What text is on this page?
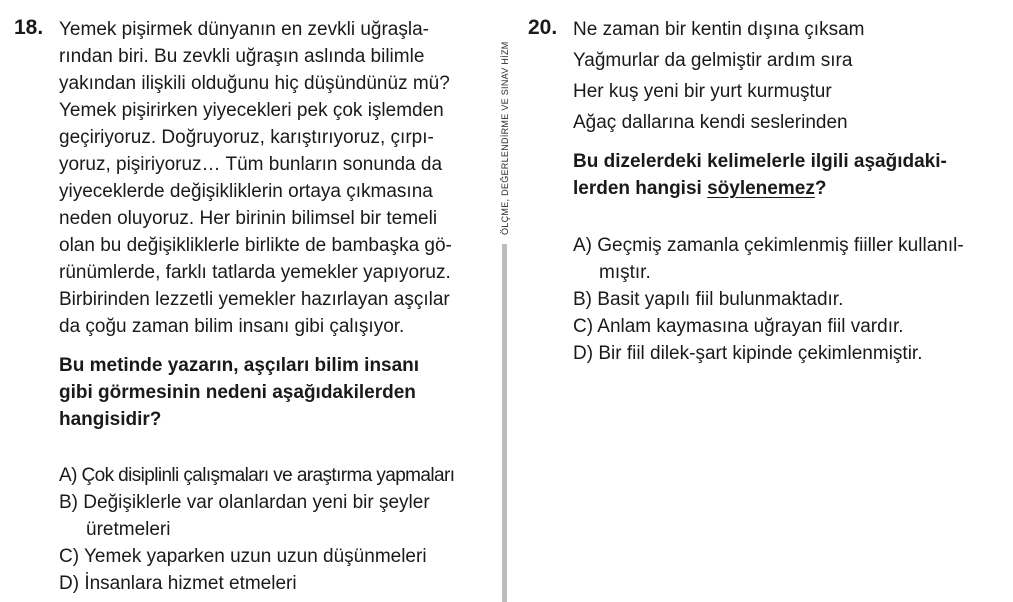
ÖLÇME, DEĞERLENDİRME VE SINAV HİZM
18. Yemek pişirmek dünyanın en zevkli uğraşla-
rından biri. Bu zevkli uğraşın aslında bilimle
yakından ilişkili olduğunu hiç düşündünüz mü?
Yemek pişirirken yiyecekleri pek çok işlemden
geçiriyoruz. Doğruyoruz, karıştırıyoruz, çırpı-
yoruz, pişiriyoruz… Tüm bunların sonunda da
yiyeceklerde değişikliklerin ortaya çıkmasına
neden oluyoruz. Her birinin bilimsel bir temeli
olan bu değişikliklerle birlikte de bambaşka gö-
rünümlerde, farklı tatlarda yemekler yapıyoruz.
Birbirinden lezzetli yemekler hazırlayan aşçılar
da çoğu zaman bilim insanı gibi çalışıyor.
Bu metinde yazarın, aşçıları bilim insanı
gibi görmesinin nedeni aşağıdakilerden
hangisidir?
A) Çok disiplinli çalışmaları ve araştırma yapmaları
B) Değişiklerle var olanlardan yeni bir şeyler
üretmeleri
C) Yemek yaparken uzun uzun düşünmeleri
D) İnsanlara hizmet etmeleri
20. Ne zaman bir kentin dışına çıksam
Yağmurlar da gelmiştir ardım sıra
Her kuş yeni bir yurt kurmuştur
Ağaç dallarına kendi seslerinden
Bu dizelerdeki kelimelerle ilgili aşağıdaki-
lerden hangisi söylenemez?
A) Geçmiş zamanla çekimlenmiş fiiller kullanıl-
mıştır.
B) Basit yapılı fiil bulunmaktadır.
C) Anlam kaymasına uğrayan fiil vardır.
D) Bir fiil dilek-şart kipinde çekimlenmiştir.
